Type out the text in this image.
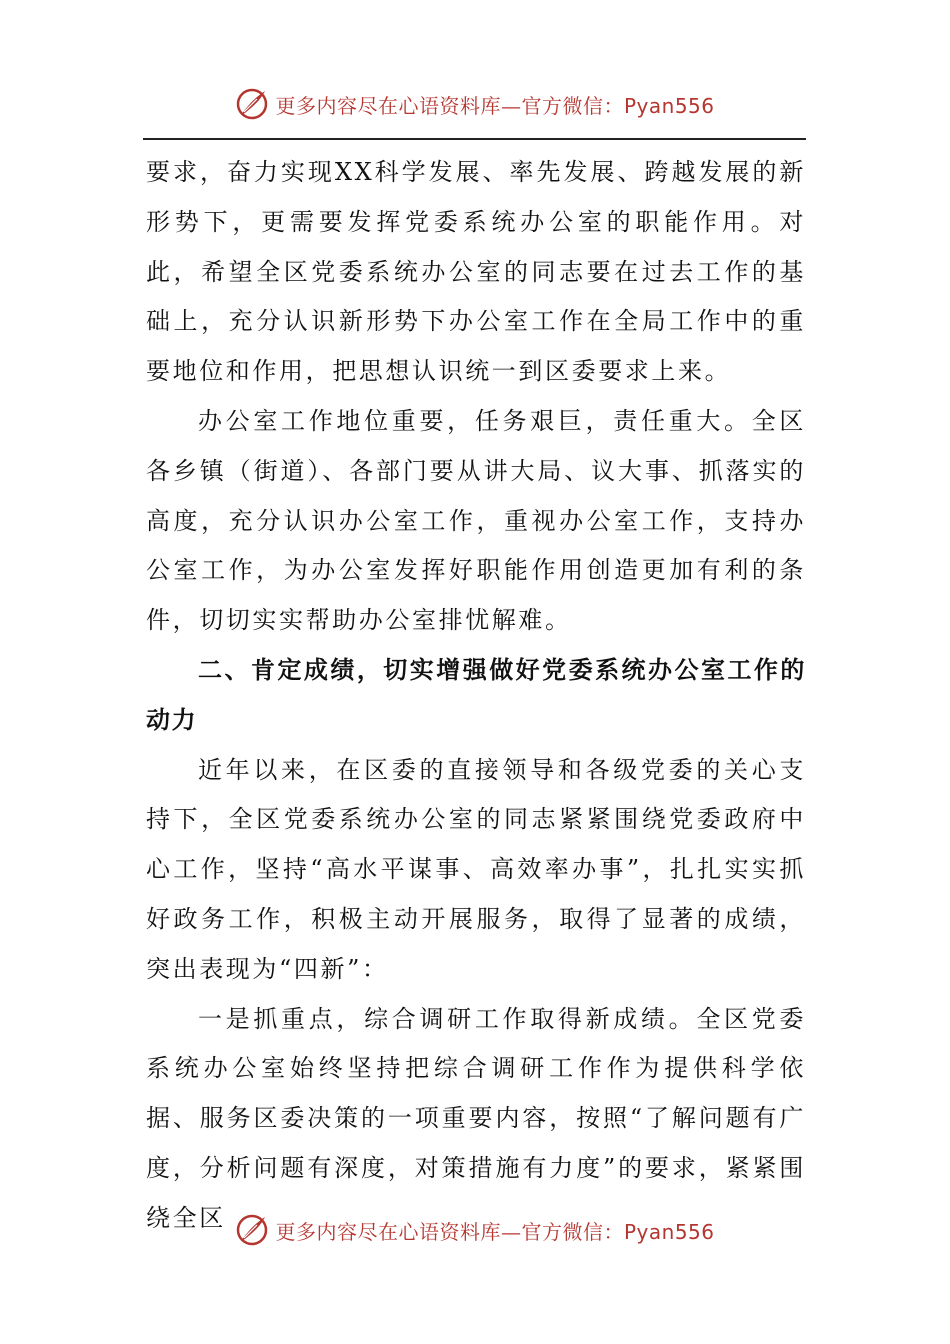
更多内容尽在心语资料库—官方微信：Pyan556

要求，奋力实现XX科学发展、率先发展、跨越发展的新形势下，更需要发挥党委系统办公室的职能作用。对此，希望全区党委系统办公室的同志要在过去工作的基础上，充分认识新形势下办公室工作在全局工作中的重要地位和作用，把思想认识统一到区委要求上来。

办公室工作地位重要，任务艰巨，责任重大。全区各乡镇（街道）、各部门要从讲大局、议大事、抓落实的高度，充分认识办公室工作，重视办公室工作，支持办公室工作，为办公室发挥好职能作用创造更加有利的条件，切切实实帮助办公室排忧解难。

二、肯定成绩，切实增强做好党委系统办公室工作的动力

近年以来，在区委的直接领导和各级党委的关心支持下，全区党委系统办公室的同志紧紧围绕党委政府中心工作，坚持“高水平谋事、高效率办事”，扎扎实实抓好政务工作，积极主动开展服务，取得了显著的成绩，突出表现为“四新”：

一是抓重点，综合调研工作取得新成绩。全区党委系统办公室始终坚持把综合调研工作作为提供科学依据、服务区委决策的一项重要内容，按照“了解问题有广度，分析问题有深度，对策措施有力度”的要求，紧紧围绕全区	更多内容尽在心语资料库—官方微信：Pyan556
